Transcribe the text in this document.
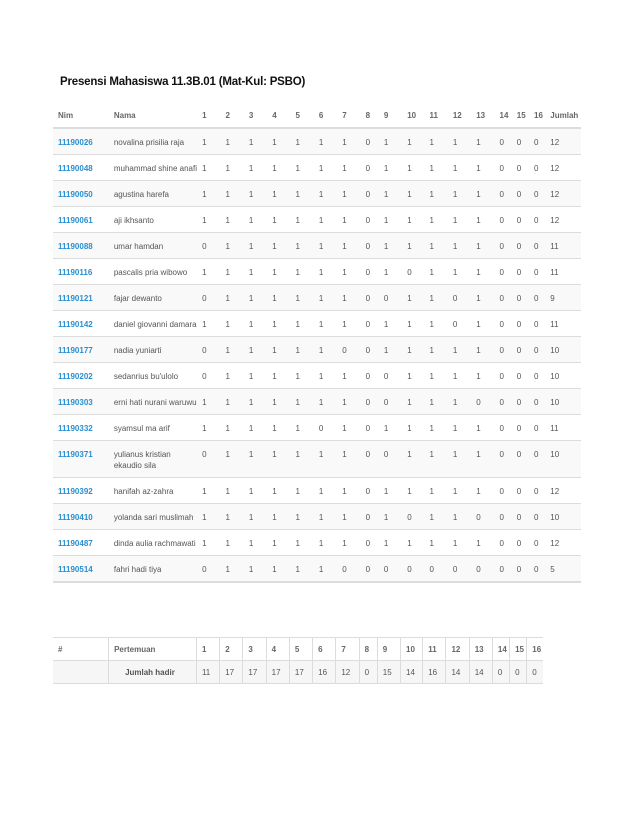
Presensi Mahasiswa 11.3B.01 (Mat-Kul: PSBO)
Nim	Nama	1	2	3	4	5	6	7	8	9	10	11	12	13	14	15	16	Jumlah
11190026	novalina prisilia raja	1	1	1	1	1	1	1	0	1	1	1	1	1	0	0	0	12
11190048	muhammad shine anafi	1	1	1	1	1	1	1	0	1	1	1	1	1	0	0	0	12
11190050	agustina harefa	1	1	1	1	1	1	1	0	1	1	1	1	1	0	0	0	12
11190061	aji ikhsanto	1	1	1	1	1	1	1	0	1	1	1	1	1	0	0	0	12
11190088	umar hamdan	0	1	1	1	1	1	1	0	1	1	1	1	1	0	0	0	11
11190116	pascalis pria wibowo	1	1	1	1	1	1	1	0	1	0	1	1	1	0	0	0	11
11190121	fajar dewanto	0	1	1	1	1	1	1	0	0	1	1	0	1	0	0	0	9
11190142	daniel giovanni damara	1	1	1	1	1	1	1	0	1	1	1	0	1	0	0	0	11
11190177	nadia yuniarti	0	1	1	1	1	1	0	0	1	1	1	1	1	0	0	0	10
11190202	sedanrius bu'ulolo	0	1	1	1	1	1	1	0	0	1	1	1	1	0	0	0	10
11190303	erni hati nurani waruwu	1	1	1	1	1	1	1	0	0	1	1	1	0	0	0	0	10
11190332	syamsul ma arif	1	1	1	1	1	0	1	0	1	1	1	1	1	0	0	0	11
11190371	yulianus kristian ekaudio sila	0	1	1	1	1	1	1	0	0	1	1	1	1	0	0	0	10
11190392	hanifah az-zahra	1	1	1	1	1	1	1	0	1	1	1	1	1	0	0	0	12
11190410	yolanda sari muslimah	1	1	1	1	1	1	1	0	1	0	1	1	0	0	0	0	10
11190487	dinda aulia rachmawati	1	1	1	1	1	1	1	0	1	1	1	1	1	0	0	0	12
11190514	fahri hadi tiya	0	1	1	1	1	1	0	0	0	0	0	0	0	0	0	0	5
#	Pertemuan	1	2	3	4	5	6	7	8	9	10	11	12	13	14	15	16
	Jumlah hadir	11	17	17	17	17	16	12	0	15	14	16	14	14	0	0	0
